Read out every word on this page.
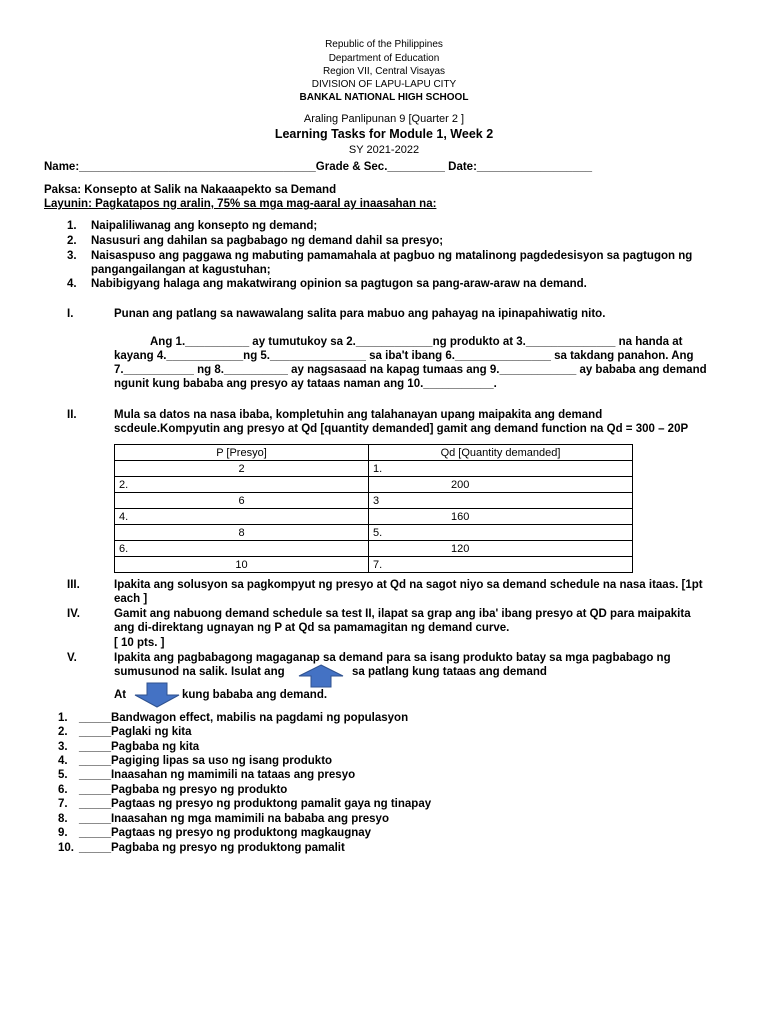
Republic of the Philippines
Department of Education
Region VII, Central Visayas
DIVISION OF LAPU-LAPU CITY
BANKAL NATIONAL HIGH SCHOOL
Araling Panlipunan 9 [Quarter 2 ]
Learning Tasks for Module 1, Week 2
SY 2021-2022
Name:_____________________________________Grade & Sec._________ Date:__________________
Paksa: Konsepto at Salik na Nakaaapekto sa Demand
Layunin: Pagkatapos ng aralin, 75% sa mga mag-aaral ay inaasahan na:
1. Naipaliliwanag ang konsepto ng demand;
2. Nasusuri ang dahilan sa pagbabago ng demand dahil sa presyo;
3. Naisaspuso ang paggawa ng mabuting pamamahala at pagbuo ng matalinong pagdedesisyon sa pagtugon ng
pangangailangan at kagustuhan;
4. Nabibigyang halaga ang makatwirang opinion sa pagtugon sa pang-araw-araw na demand.
I.	Punan ang patlang sa nawawalang salita para mabuo ang pahayag na ipinapahiwatig nito.
Ang 1.__________ ay tumutukoy sa 2.____________ng produkto at 3.______________ na handa at
kayang 4.____________ng 5._______________ sa iba't ibang 6._______________ sa takdang panahon. Ang
7.___________ ng 8.__________ ay nagsasaad na kapag tumaas ang 9.____________ ay bababa ang demand
ngunit kung bababa ang presyo ay tataas naman ang 10.___________.
II.	Mula sa datos na nasa ibaba, kompletuhin ang talahanayan upang maipakita ang demand
scdeule.Kompyutin ang presyo at Qd [quantity demanded] gamit ang demand function na Qd = 300 – 20P
P [Presyo]	Qd [Quantity demanded]
2	1.
2.	200
6	3
4.	160
8	5.
6.	120
10	7.
III.	Ipakita ang solusyon sa pagkompyut ng presyo at Qd na sagot niyo sa demand schedule na nasa itaas. [1pt
each ]
IV.	Gamit ang nabuong demand schedule sa test II, ilapat sa grap ang iba' ibang presyo at QD para maipakita
ang di-direktang ugnayan ng P at Qd sa pamamagitan ng demand curve.
[ 10 pts. ]
V.	Ipakita ang pagbabagong magaganap sa demand para sa isang produkto batay sa mga pagbabago ng
sumusunod na salik. Isulat ang	sa patlang kung tataas ang demand
At	kung bababa ang demand.
1. _____Bandwagon effect, mabilis na pagdami ng populasyon
2. _____Paglaki ng kita
3. _____Pagbaba ng kita
4. _____Pagiging lipas sa uso ng isang produkto
5. _____Inaasahan ng mamimili na tataas ang presyo
6. _____Pagbaba ng presyo ng produkto
7. _____Pagtaas ng presyo ng produktong pamalit gaya ng tinapay
8. _____Inaasahan ng mga mamimili na bababa ang presyo
9. _____Pagtaas ng presyo ng produktong magkaugnay
10. _____Pagbaba ng presyo ng produktong pamalit
